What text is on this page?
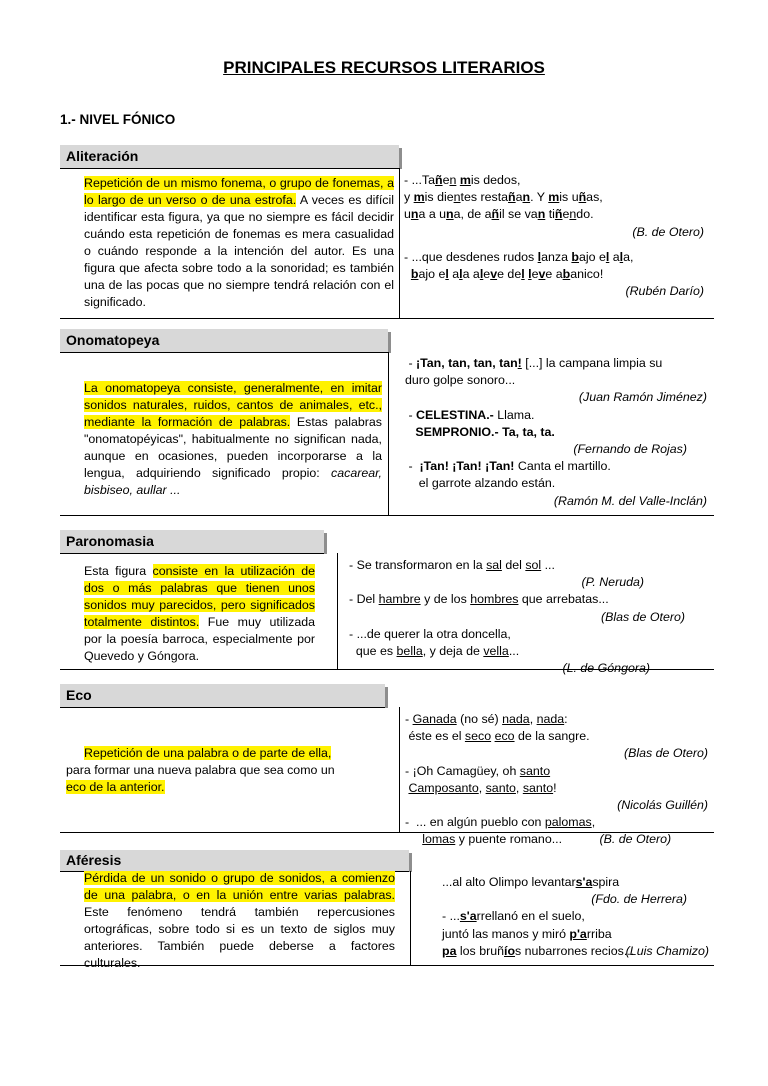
PRINCIPALES RECURSOS LITERARIOS
1.- NIVEL FÓNICO
Aliteración

Repetición de un mismo fonema, o grupo de fonemas, a lo largo de un verso o de una estrofa. A veces es difícil identificar esta figura, ya que no siempre es fácil decidir cuándo esta repetición de fonemas es mera casualidad o cuándo responde a la intención del autor. Es una figura que afecta sobre todo a la sonoridad; es también una de las pocas que no siempre tendrá relación con el significado.

- ...Tañen mis dedos,
y mis dientes restañan. Y mis uñas,
una a una, de añil se van tiñendo.
(B. de Otero)
- ...que desdenes rudos lanza bajo el ala,
bajo el ala aleve del leve abanico!
(Rubén Darío)
Onomatopeya

La onomatopeya consiste, generalmente, en imitar sonidos naturales, ruidos, cantos de animales, etc., mediante la formación de palabras. Estas palabras "onomatopéyicas", habitualmente no significan nada, aunque en ocasiones, pueden incorporarse a la lengua, adquiriendo significado propio: cacarear, bisbiseo, aullar ...

- ¡Tan, tan, tan, tan! [...] la campana limpia su
duro golpe sonoro...
(Juan Ramón Jiménez)
- CELESTINA.- Llama.
SEMPRONIO.- Ta, ta, ta.
(Fernando de Rojas)
-  ¡Tan! ¡Tan! ¡Tan! Canta el martillo.
el garrote alzando están.
(Ramón M. del Valle-Inclán)
Paronomasia

Esta figura consiste en la utilización de dos o más palabras que tienen unos sonidos muy parecidos, pero significados totalmente distintos. Fue muy utilizada por la poesía barroca, especialmente por Quevedo y Góngora.

- Se transformaron en la sal del sol ...
(P. Neruda)
- Del hambre y de los hombres que arrebatas...
(Blas de Otero)
- ...de querer la otra doncella,
que es bella, y deja de vella...
(L. de Góngora)
Eco

Repetición de una palabra o de parte de ella,

para formar una nueva palabra que sea como un

eco de la anterior.

- Ganada (no sé) nada, nada:
éste es el seco eco de la sangre.
(Blas de Otero)
- ¡Oh Camagüey, oh santo
Camposanto, santo, santo!
(Nicolás Guillén)
-  ... en algún pueblo con palomas,
lomas y puente romano...	(B. de Otero)
Aféresis

Pérdida de un sonido o grupo de sonidos, a comienzo de una palabra, o en la unión entre varias palabras. Este fenómeno tendrá también repercusiones ortográficas, sobre todo si es un texto de siglos muy anteriores. También puede deberse a factores culturales.

...al alto Olimpo levantars'aspira
(Fdo. de Herrera)
- ...s'arrellanó en el suelo,
juntó las manos y miró p'arriba
pa los bruñíos nubarrones recios...
(Luis Chamizo)
